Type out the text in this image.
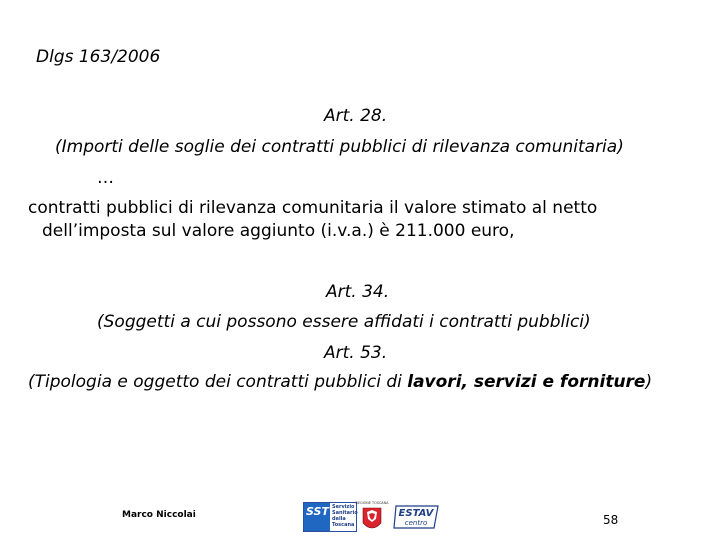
Dlgs 163/2006
Art. 28.
(Importi delle soglie dei contratti pubblici di rilevanza comunitaria)
…
contratti pubblici di rilevanza comunitaria il valore stimato al netto
dell’imposta sul valore aggiunto (i.v.a.) è 211.000 euro,
Art. 34.
(Soggetti a cui possono essere affidati i contratti pubblici)
Art. 53.
(Tipologia e oggetto dei contratti pubblici di lavori, servizi e forniture)
Marco Niccolai	SST Servizio
Sanitario
della
Toscana
REGIONE TOSCANA
ESTAV
centro	58
